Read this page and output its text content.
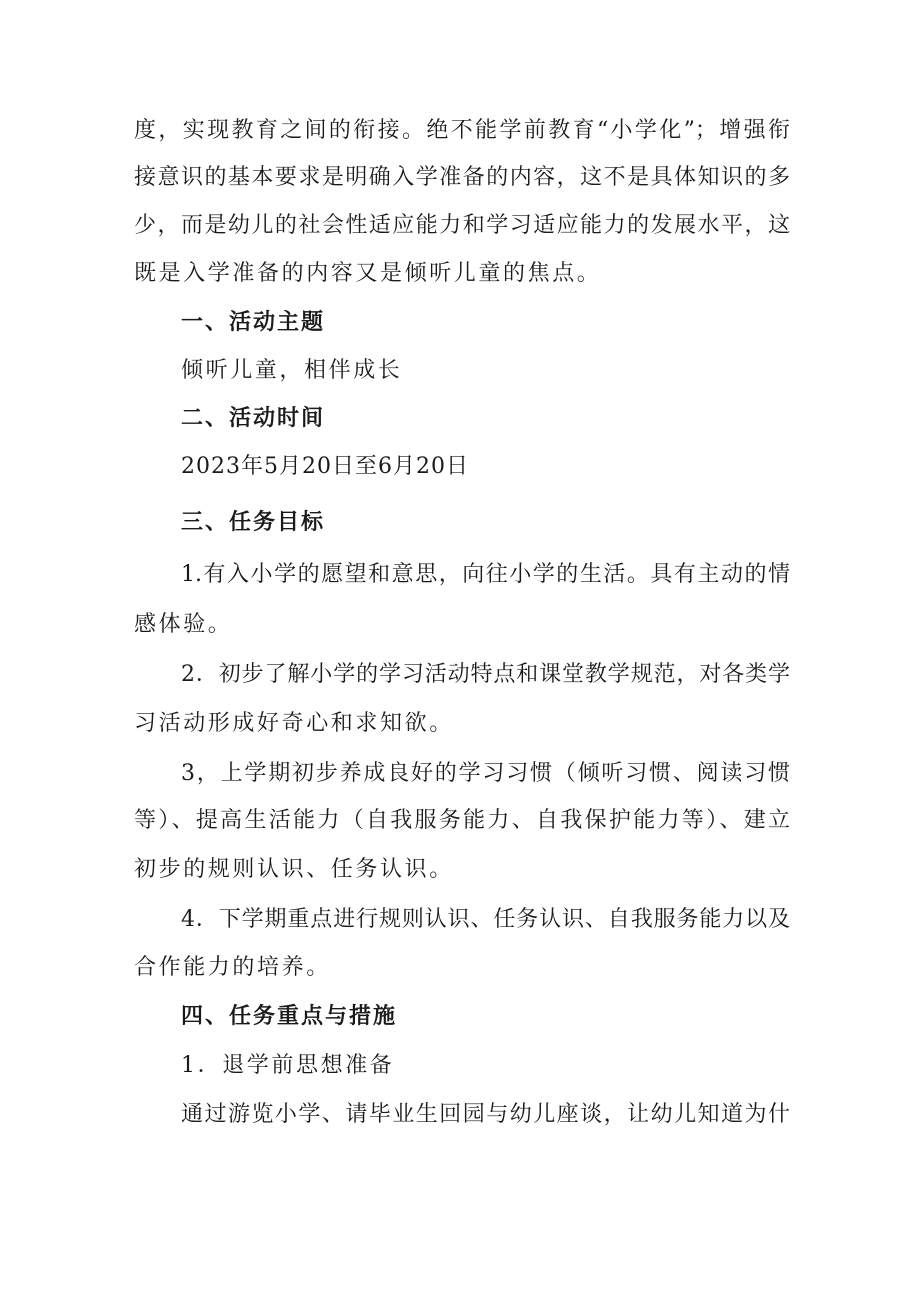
度，实现教育之间的衔接。绝不能学前教育“小学化”；增强衔
接意识的基本要求是明确入学准备的内容，这不是具体知识的多
少，而是幼儿的社会性适应能力和学习适应能力的发展水平，这
既是入学准备的内容又是倾听儿童的焦点。
一、活动主题
倾听儿童，相伴成长
二、活动时间
2023年5月20日至6月20日
三、任务目标
1.有入小学的愿望和意思，向往小学的生活。具有主动的情
感体验。
2．初步了解小学的学习活动特点和课堂教学规范，对各类学
习活动形成好奇心和求知欲。
3，上学期初步养成良好的学习习惯（倾听习惯、阅读习惯
等）、提高生活能力（自我服务能力、自我保护能力等）、建立
初步的规则认识、任务认识。
4．下学期重点进行规则认识、任务认识、自我服务能力以及
合作能力的培养。
四、任务重点与措施
1．退学前思想准备
通过游览小学、请毕业生回园与幼儿座谈，让幼儿知道为什
